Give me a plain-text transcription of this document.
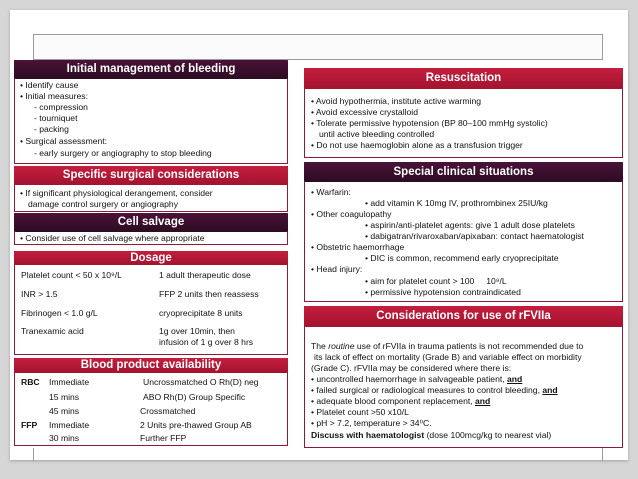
Initial management of bleeding
• Identify cause
• Initial measures:
- compression
- tourniquet
- packing
• Surgical assessment:
- early surgery or angiography to stop bleeding
Specific surgical considerations
• If significant physiological derangement, consider
damage control surgery or angiography
Cell salvage
• Consider use of cell salvage where appropriate
Dosage
Platelet count < 50 x 10⁹/L	1 adult therapeutic dose
INR > 1.5	FFP 2 units then reassess
Fibrinogen < 1.0 g/L	cryoprecipitate 8 units
Tranexamic acid	1g over 10min, then
infusion of 1 g over 8 hrs
Blood product availability
RBC Immediate	Uncrossmatched O Rh(D) neg
15 mins	ABO Rh(D) Group Specific
45 mins	Crossmatched
FFP Immediate	2 Units pre-thawed Group AB
30 mins	Further FFP
Resuscitation
• Avoid hypothermia, institute active warming
• Avoid excessive crystalloid
• Tolerate permissive hypotension (BP 80–100 mmHg systolic)
until active bleeding controlled
• Do not use haemoglobin alone as a transfusion trigger
Special clinical situations
• Warfarin:
• add vitamin K 10mg IV, prothrombinex 25IU/kg
• Other coagulopathy
• aspirin/anti-platelet agents: give 1 adult dose platelets
• dabigatran/rivaroxaban/apixaban: contact haematologist
• Obstetric haemorrhage
• DIC is common, recommend early cryoprecipitate
• Head injury:
• aim for platelet count > 100     10⁹/L
• permissive hypotension contraindicated
Considerations for use of rFVIIa
The routine use of rFVIIa in trauma patients is not recommended due to
its lack of effect on mortality (Grade B) and variable effect on morbidity
(Grade C). rFVIIa may be considered where there is:
• uncontrolled haemorrhage in salvageable patient, and
• failed surgical or radiological measures to control bleeding, and
• adequate blood component replacement, and
• Platelet count >50 x10/L
• pH > 7.2, temperature > 34⁰C.
Discuss with haematologist (dose 100mcg/kg to nearest vial)
